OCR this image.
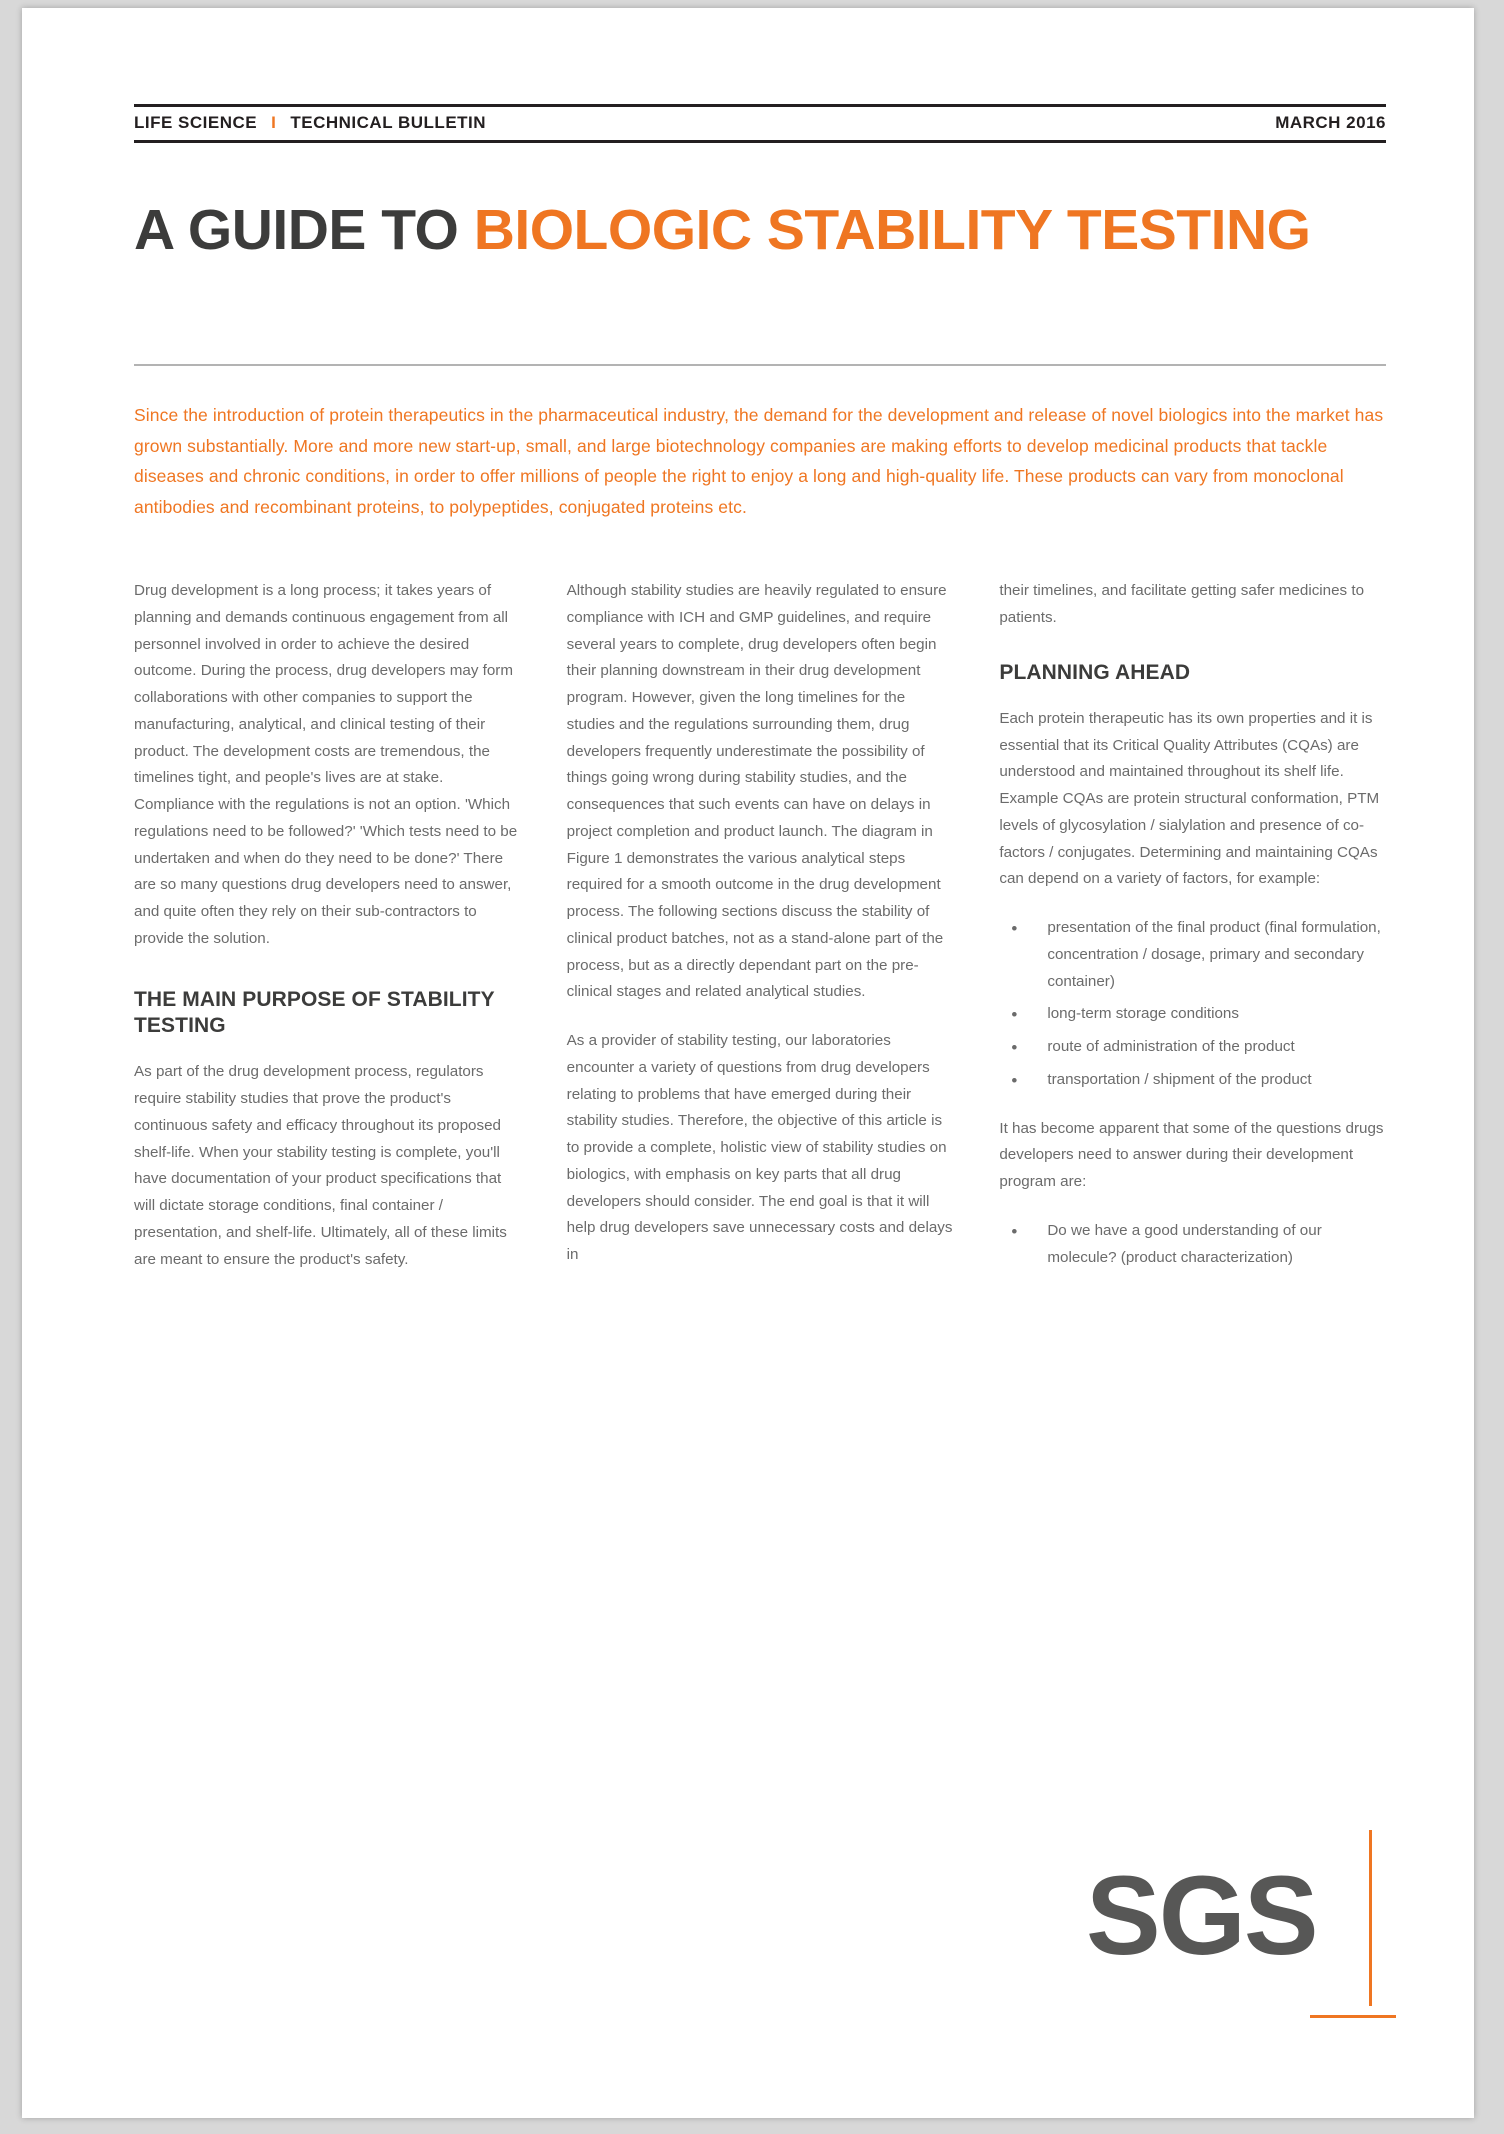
LIFE SCIENCE I TECHNICAL BULLETIN	MARCH 2016
A GUIDE TO BIOLOGIC STABILITY TESTING
Since the introduction of protein therapeutics in the pharmaceutical industry, the demand for the development and release of novel biologics into the market has grown substantially. More and more new start-up, small, and large biotechnology companies are making efforts to develop medicinal products that tackle diseases and chronic conditions, in order to offer millions of people the right to enjoy a long and high-quality life. These products can vary from monoclonal antibodies and recombinant proteins, to polypeptides, conjugated proteins etc.

Drug development is a long process; it takes years of planning and demands continuous engagement from all personnel involved in order to achieve the desired outcome. During the process, drug developers may form collaborations with other companies to support the manufacturing, analytical, and clinical testing of their product. The development costs are tremendous, the timelines tight, and people's lives are at stake. Compliance with the regulations is not an option. 'Which regulations need to be followed?' 'Which tests need to be undertaken and when do they need to be done?' There are so many questions drug developers need to answer, and quite often they rely on their sub-contractors to provide the solution.

THE MAIN PURPOSE OF STABILITY TESTING

As part of the drug development process, regulators require stability studies that prove the product's continuous safety and efficacy throughout its proposed shelf-life. When your stability testing is complete, you'll have documentation of your product specifications that will dictate storage conditions, final container / presentation, and shelf-life. Ultimately, all of these limits are meant to ensure the product's safety.

Although stability studies are heavily regulated to ensure compliance with ICH and GMP guidelines, and require several years to complete, drug developers often begin their planning downstream in their drug development program. However, given the long timelines for the studies and the regulations surrounding them, drug developers frequently underestimate the possibility of things going wrong during stability studies, and the consequences that such events can have on delays in project completion and product launch. The diagram in Figure 1 demonstrates the various analytical steps required for a smooth outcome in the drug development process. The following sections discuss the stability of clinical product batches, not as a stand-alone part of the process, but as a directly dependant part on the pre-clinical stages and related analytical studies.

As a provider of stability testing, our laboratories encounter a variety of questions from drug developers relating to problems that have emerged during their stability studies. Therefore, the objective of this article is to provide a complete, holistic view of stability studies on biologics, with emphasis on key parts that all drug developers should consider. The end goal is that it will help drug developers save unnecessary costs and delays in

their timelines, and facilitate getting safer medicines to patients.

PLANNING AHEAD

Each protein therapeutic has its own properties and it is essential that its Critical Quality Attributes (CQAs) are understood and maintained throughout its shelf life. Example CQAs are protein structural conformation, PTM levels of glycosylation / sialylation and presence of co-factors / conjugates. Determining and maintaining CQAs can depend on a variety of factors, for example:

• presentation of the final product (final formulation, concentration / dosage, primary and secondary container)
• long-term storage conditions
• route of administration of the product
• transportation / shipment of the product

It has become apparent that some of the questions drugs developers need to answer during their development program are:

• Do we have a good understanding of our molecule? (product characterization)
SGS
